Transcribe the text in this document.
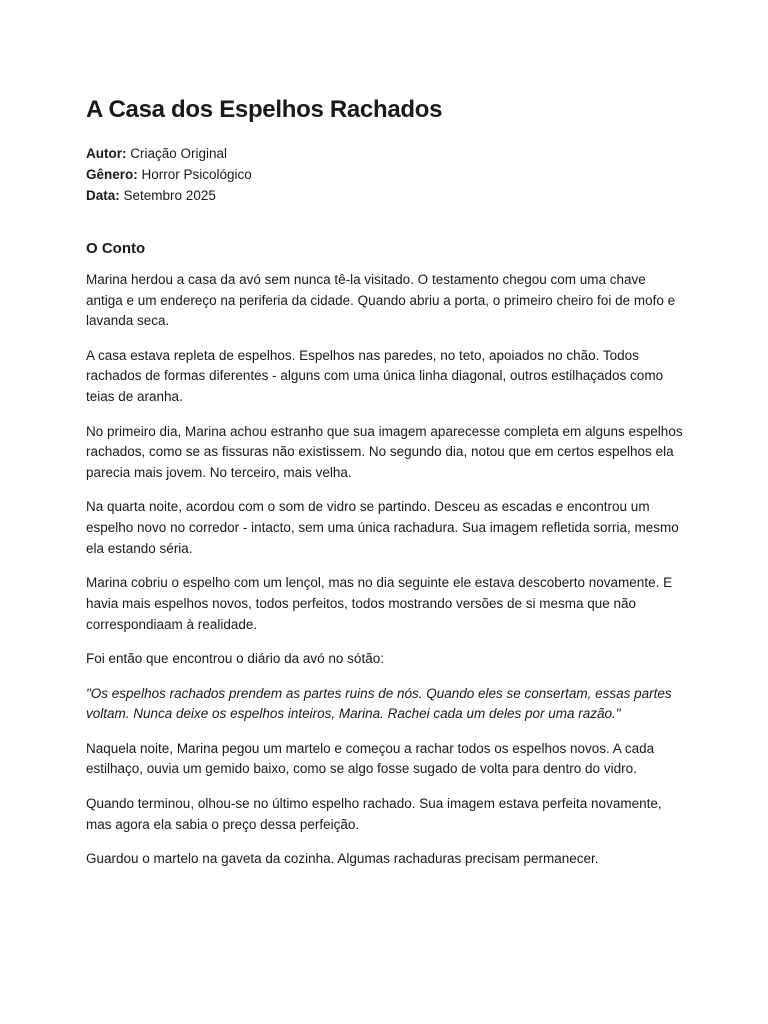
A Casa dos Espelhos Rachados

Autor: Criação Original

Gênero: Horror Psicológico

Data: Setembro 2025

O Conto

Marina herdou a casa da avó sem nunca tê-la visitado. O testamento chegou com uma chave antiga e um endereço na periferia da cidade. Quando abriu a porta, o primeiro cheiro foi de mofo e lavanda seca.

A casa estava repleta de espelhos. Espelhos nas paredes, no teto, apoiados no chão. Todos rachados de formas diferentes - alguns com uma única linha diagonal, outros estilhaçados como teias de aranha.

No primeiro dia, Marina achou estranho que sua imagem aparecesse completa em alguns espelhos rachados, como se as fissuras não existissem. No segundo dia, notou que em certos espelhos ela parecia mais jovem. No terceiro, mais velha.

Na quarta noite, acordou com o som de vidro se partindo. Desceu as escadas e encontrou um espelho novo no corredor - intacto, sem uma única rachadura. Sua imagem refletida sorria, mesmo ela estando séria.

Marina cobriu o espelho com um lençol, mas no dia seguinte ele estava descoberto novamente. E havia mais espelhos novos, todos perfeitos, todos mostrando versões de si mesma que não correspondiaam à realidade.

Foi então que encontrou o diário da avó no sótão:

"Os espelhos rachados prendem as partes ruins de nós. Quando eles se consertam, essas partes voltam. Nunca deixe os espelhos inteiros, Marina. Rachei cada um deles por uma razão."

Naquela noite, Marina pegou um martelo e começou a rachar todos os espelhos novos. A cada estilhaço, ouvia um gemido baixo, como se algo fosse sugado de volta para dentro do vidro.

Quando terminou, olhou-se no último espelho rachado. Sua imagem estava perfeita novamente, mas agora ela sabia o preço dessa perfeição.

Guardou o martelo na gaveta da cozinha. Algumas rachaduras precisam permanecer.
